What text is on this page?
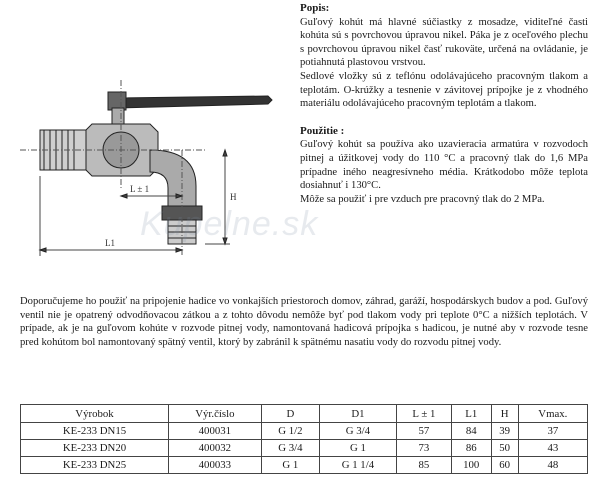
L ± 1
L1
H
Kupelne.sk

Popis:

Guľový kohút má hlavné súčiastky z mosadze, viditeľné časti kohúta sú s povrchovou úpravou nikel. Páka je z oceľového plechu s povrchovou úpravou nikel časť rukoväte, určená na ovládanie, je potiahnutá plastovou vrstvou.

Sedlové vložky sú z teflónu odolávajúceho pracovným tlakom a teplotám. O-krúžky a tesnenie v závitovej prípojke je z vhodného materiálu odolávajúceho pracovným teplotám a tlakom.

Použitie :

Guľový kohút sa používa ako uzavieracia armatúra v rozvodoch pitnej a úžitkovej vody do 110 °C a pracovný tlak do 1,6 MPa prípadne iného neagresívneho média. Krátkodobo môže teplota dosiahnuť i 130°C.

Môže sa použiť i pre vzduch pre pracovný tlak do 2 MPa.

Doporučujeme ho použiť na pripojenie hadice vo vonkajších priestoroch domov, záhrad, garáží, hospodárskych budov a pod. Guľový ventil nie je opatrený odvodňovacou zátkou a z tohto dôvodu nemôže byť pod tlakom vody pri teplote 0°C a nižších teplotách. V prípade, ak je na guľovom kohúte v rozvode pitnej vody, namontovaná hadicová prípojka s hadicou, je nutné aby v rozvode tesne pred kohútom bol namontovaný spätný ventil, ktorý by zabránil k spätnému nasatiu vody do rozvodu pitnej vody.

Výrobok	Výr.číslo	D	D1	L ± 1	L1	H	Vmax.
KE-233 DN15	400031	G 1/2	G 3/4	57	84	39	37
KE-233 DN20	400032	G 3/4	G 1	73	86	50	43
KE-233 DN25	400033	G 1	G 1 1/4	85	100	60	48
